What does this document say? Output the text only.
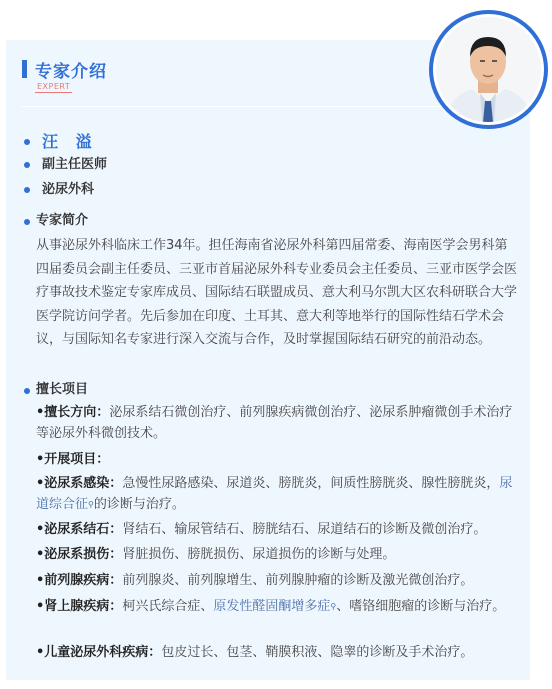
专家介绍
EXPERT
汪 溢
副主任医师
泌尿外科
专家简介
从事泌尿外科临床工作34年。担任海南省泌尿外科第四届常委、海南医学会男科第四届委员会副主任委员、三亚市首届泌尿外科专业委员会主任委员、三亚市医学会医疗事故技术鉴定专家库成员、国际结石联盟成员、意大利马尔凯大区农科研联合大学医学院访问学者。先后参加在印度、土耳其、意大利等地举行的国际性结石学术会议，与国际知名专家进行深入交流与合作，及时掌握国际结石研究的前沿动态。
擅长项目
•擅长方向：泌尿系结石微创治疗、前列腺疾病微创治疗、泌尿系肿瘤微创手术治疗等泌尿外科微创技术。
•开展项目：
•泌尿系感染：急慢性尿路感染、尿道炎、膀胱炎，间质性膀胱炎、腺性膀胱炎，尿道综合征⚲的诊断与治疗。
•泌尿系结石：肾结石、输尿管结石、膀胱结石、尿道结石的诊断及微创治疗。
•泌尿系损伤：肾脏损伤、膀胱损伤、尿道损伤的诊断与处理。
•前列腺疾病：前列腺炎、前列腺增生、前列腺肿瘤的诊断及激光微创治疗。
•肾上腺疾病：柯兴氏综合症、原发性醛固酮增多症⚲、嗜铬细胞瘤的诊断与治疗。
•儿童泌尿外科疾病：包皮过长、包茎、鞘膜积液、隐睾的诊断及手术治疗。
